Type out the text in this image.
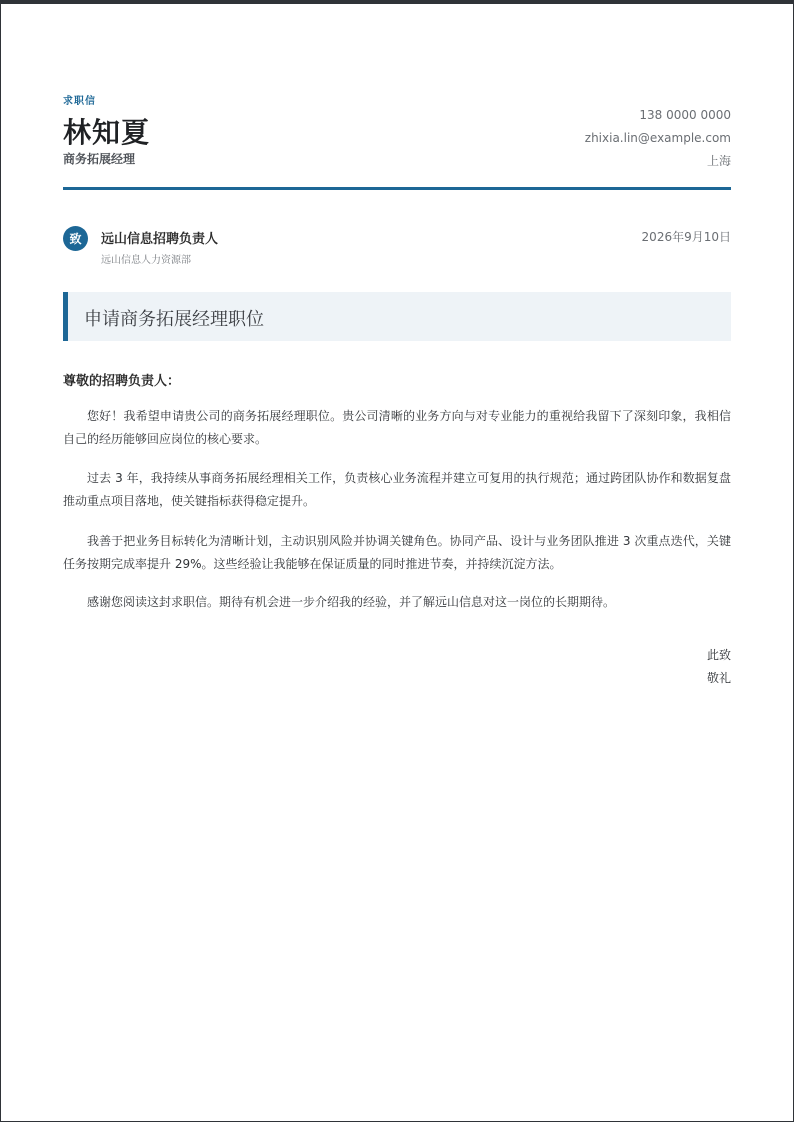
求职信
林知夏
商务拓展经理
138 0000 0000
zhixia.lin@example.com
上海
致	远山信息招聘负责人
远山信息人力资源部
2026年9月10日
申请商务拓展经理职位
尊敬的招聘负责人：
您好！我希望申请贵公司的商务拓展经理职位。贵公司清晰的业务方向与对专业能力的重视给我留下了深刻印象，我相信自己的经历能够回应岗位的核心要求。
过去 3 年，我持续从事商务拓展经理相关工作，负责核心业务流程并建立可复用的执行规范；通过跨团队协作和数据复盘推动重点项目落地，使关键指标获得稳定提升。
我善于把业务目标转化为清晰计划，主动识别风险并协调关键角色。协同产品、设计与业务团队推进 3 次重点迭代，关键任务按期完成率提升 29%。这些经验让我能够在保证质量的同时推进节奏，并持续沉淀方法。
感谢您阅读这封求职信。期待有机会进一步介绍我的经验，并了解远山信息对这一岗位的长期期待。
此致
敬礼
